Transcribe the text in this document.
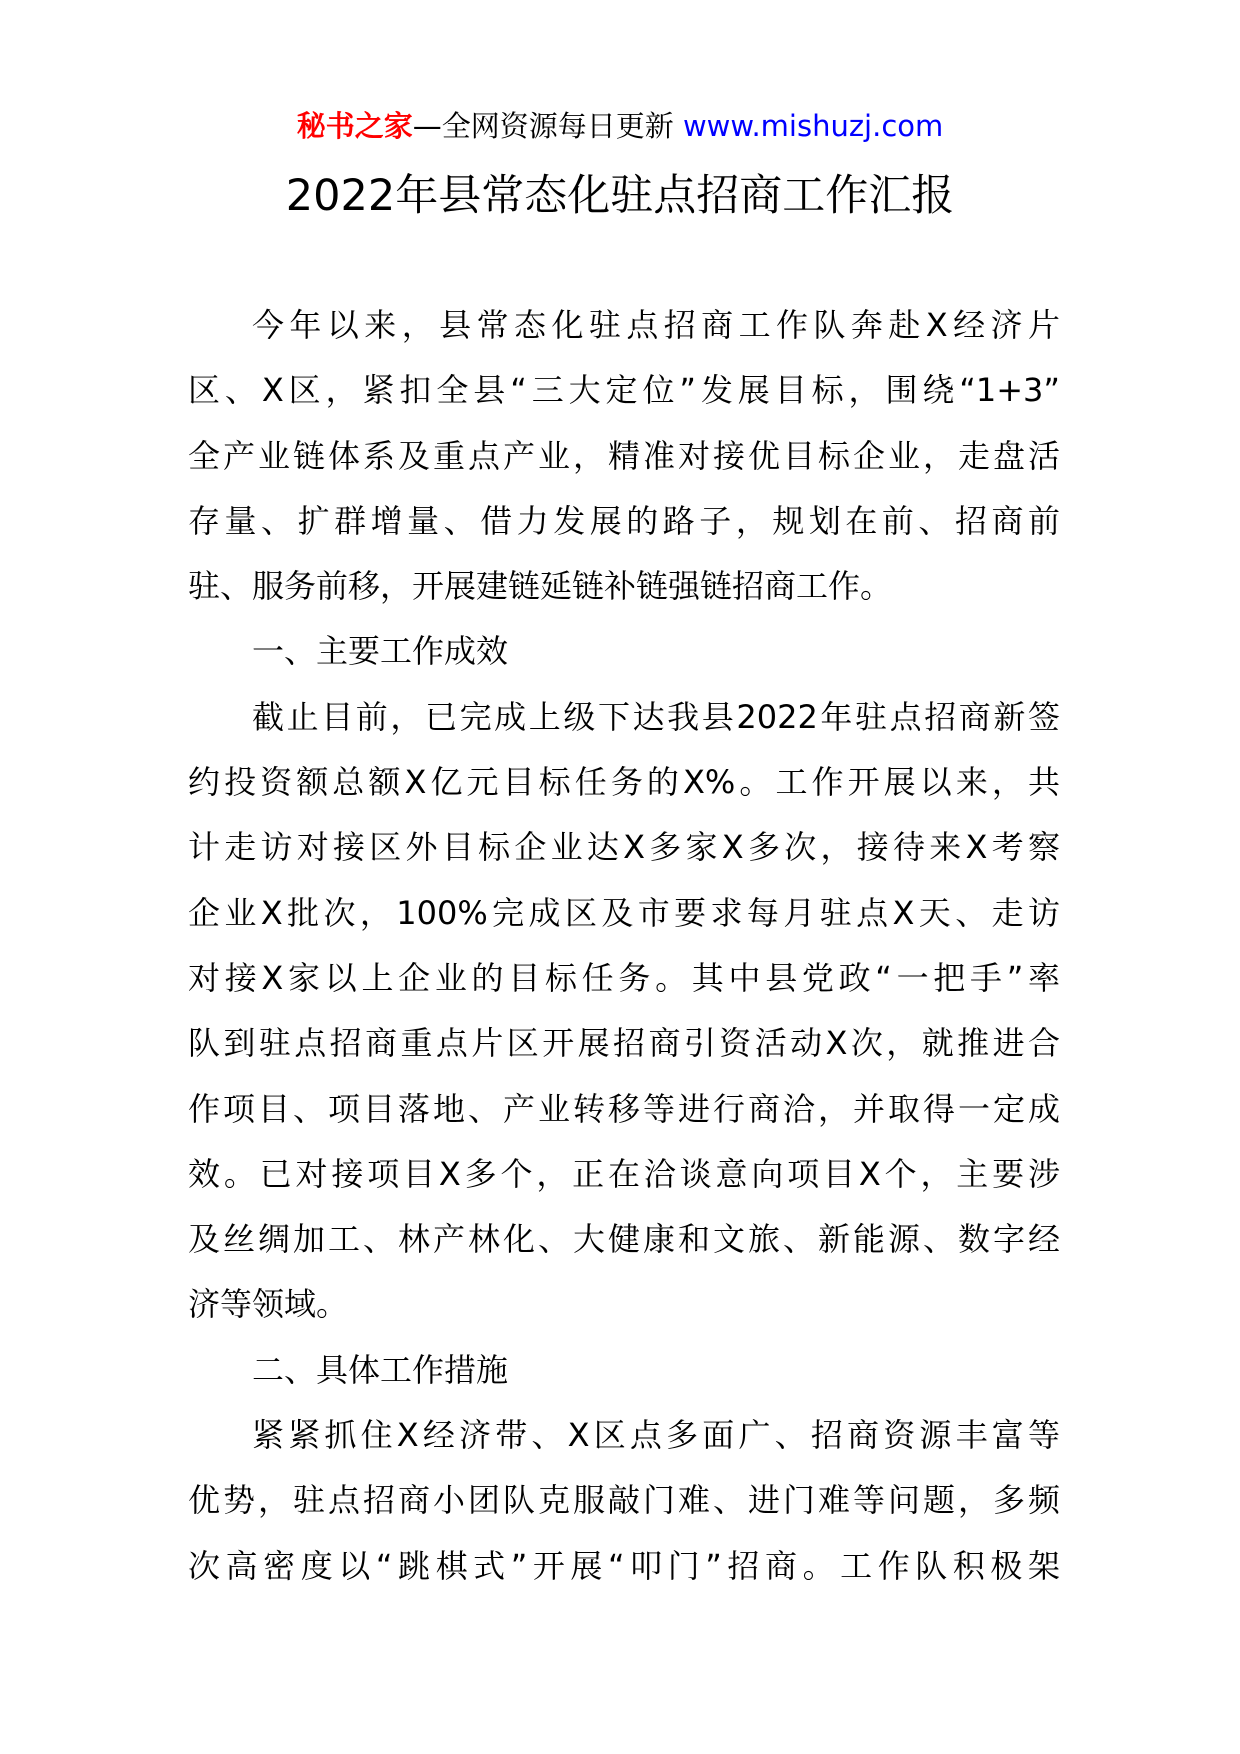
秘书之家—全网资源每日更新 www.mishuzj.com
2022年县常态化驻点招商工作汇报
今年以来，县常态化驻点招商工作队奔赴X经济片
区、X区，紧扣全县“三大定位”发展目标，围绕“1+3”
全产业链体系及重点产业，精准对接优目标企业，走盘活
存量、扩群增量、借力发展的路子，规划在前、招商前
驻、服务前移，开展建链延链补链强链招商工作。
一、主要工作成效
截止目前，已完成上级下达我县2022年驻点招商新签
约投资额总额X亿元目标任务的X%。工作开展以来，共
计走访对接区外目标企业达X多家X多次，接待来X考察
企业X批次，100%完成区及市要求每月驻点X天、走访
对接X家以上企业的目标任务。其中县党政“一把手”率
队到驻点招商重点片区开展招商引资活动X次，就推进合
作项目、项目落地、产业转移等进行商洽，并取得一定成
效。已对接项目X多个，正在洽谈意向项目X个，主要涉
及丝绸加工、林产林化、大健康和文旅、新能源、数字经
济等领域。
二、具体工作措施
紧紧抓住X经济带、X区点多面广、招商资源丰富等
优势，驻点招商小团队克服敲门难、进门难等问题，多频
次高密度以“跳棋式”开展“叩门”招商。工作队积极架
